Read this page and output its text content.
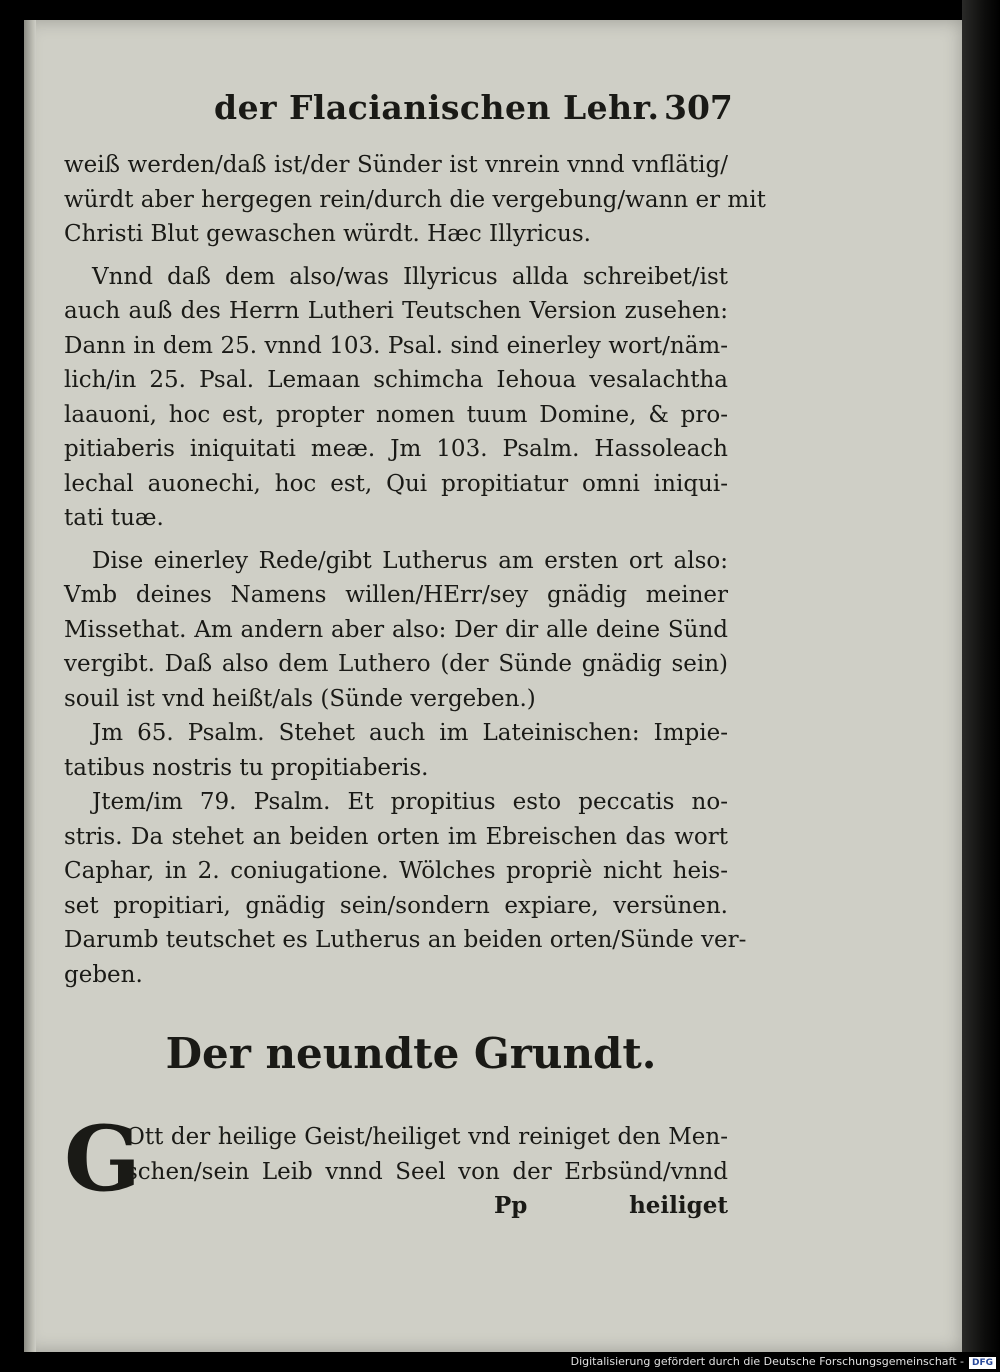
der Flacianischen Lehr. 307
weiß werden/daß ist/der Sünder ist vnrein vnnd vnflätig/
würdt aber hergegen rein/durch die vergebung/wann er mit
Christi Blut gewaschen würdt. Hæc Illyricus.
Vnnd daß dem also/was Illyricus allda schreibet/ist
auch auß des Herrn Lutheri Teutschen Version zusehen:
Dann in dem 25. vnnd 103. Psal. sind einerley wort/näm-
lich/in 25. Psal. Lemaan schimcha Iehoua vesalachtha
laauoni, hoc est, propter nomen tuum Domine, & pro-
pitiaberis iniquitati meæ. Jm 103. Psalm. Hassoleach
lechal auonechi, hoc est, Qui propitiatur omni iniqui-
tati tuæ.
Dise einerley Rede/gibt Lutherus am ersten ort also:
Vmb deines Namens willen/HErr/sey gnädig meiner
Missethat. Am andern aber also: Der dir alle deine Sünd
vergibt. Daß also dem Luthero (der Sünde gnädig sein)
souil ist vnd heißt/als (Sünde vergeben.)
Jm 65. Psalm. Stehet auch im Lateinischen: Impie-
tatibus nostris tu propitiaberis.
Jtem/im 79. Psalm. Et propitius esto peccatis no-
stris. Da stehet an beiden orten im Ebreischen das wort
Caphar, in 2. coniugatione. Wölches propriè nicht heis-
set propitiari, gnädig sein/sondern expiare, versünen.
Darumb teutschet es Lutherus an beiden orten/Sünde ver-
geben.
Der neundte Grundt.
G
Ott der heilige Geist/heiliget vnd reiniget den Men-
schen/sein Leib vnnd Seel von der Erbsünd/vnnd
Pp	heiliget
Digitalisierung gefördert durch die Deutsche Forschungsgemeinschaft - DFG
